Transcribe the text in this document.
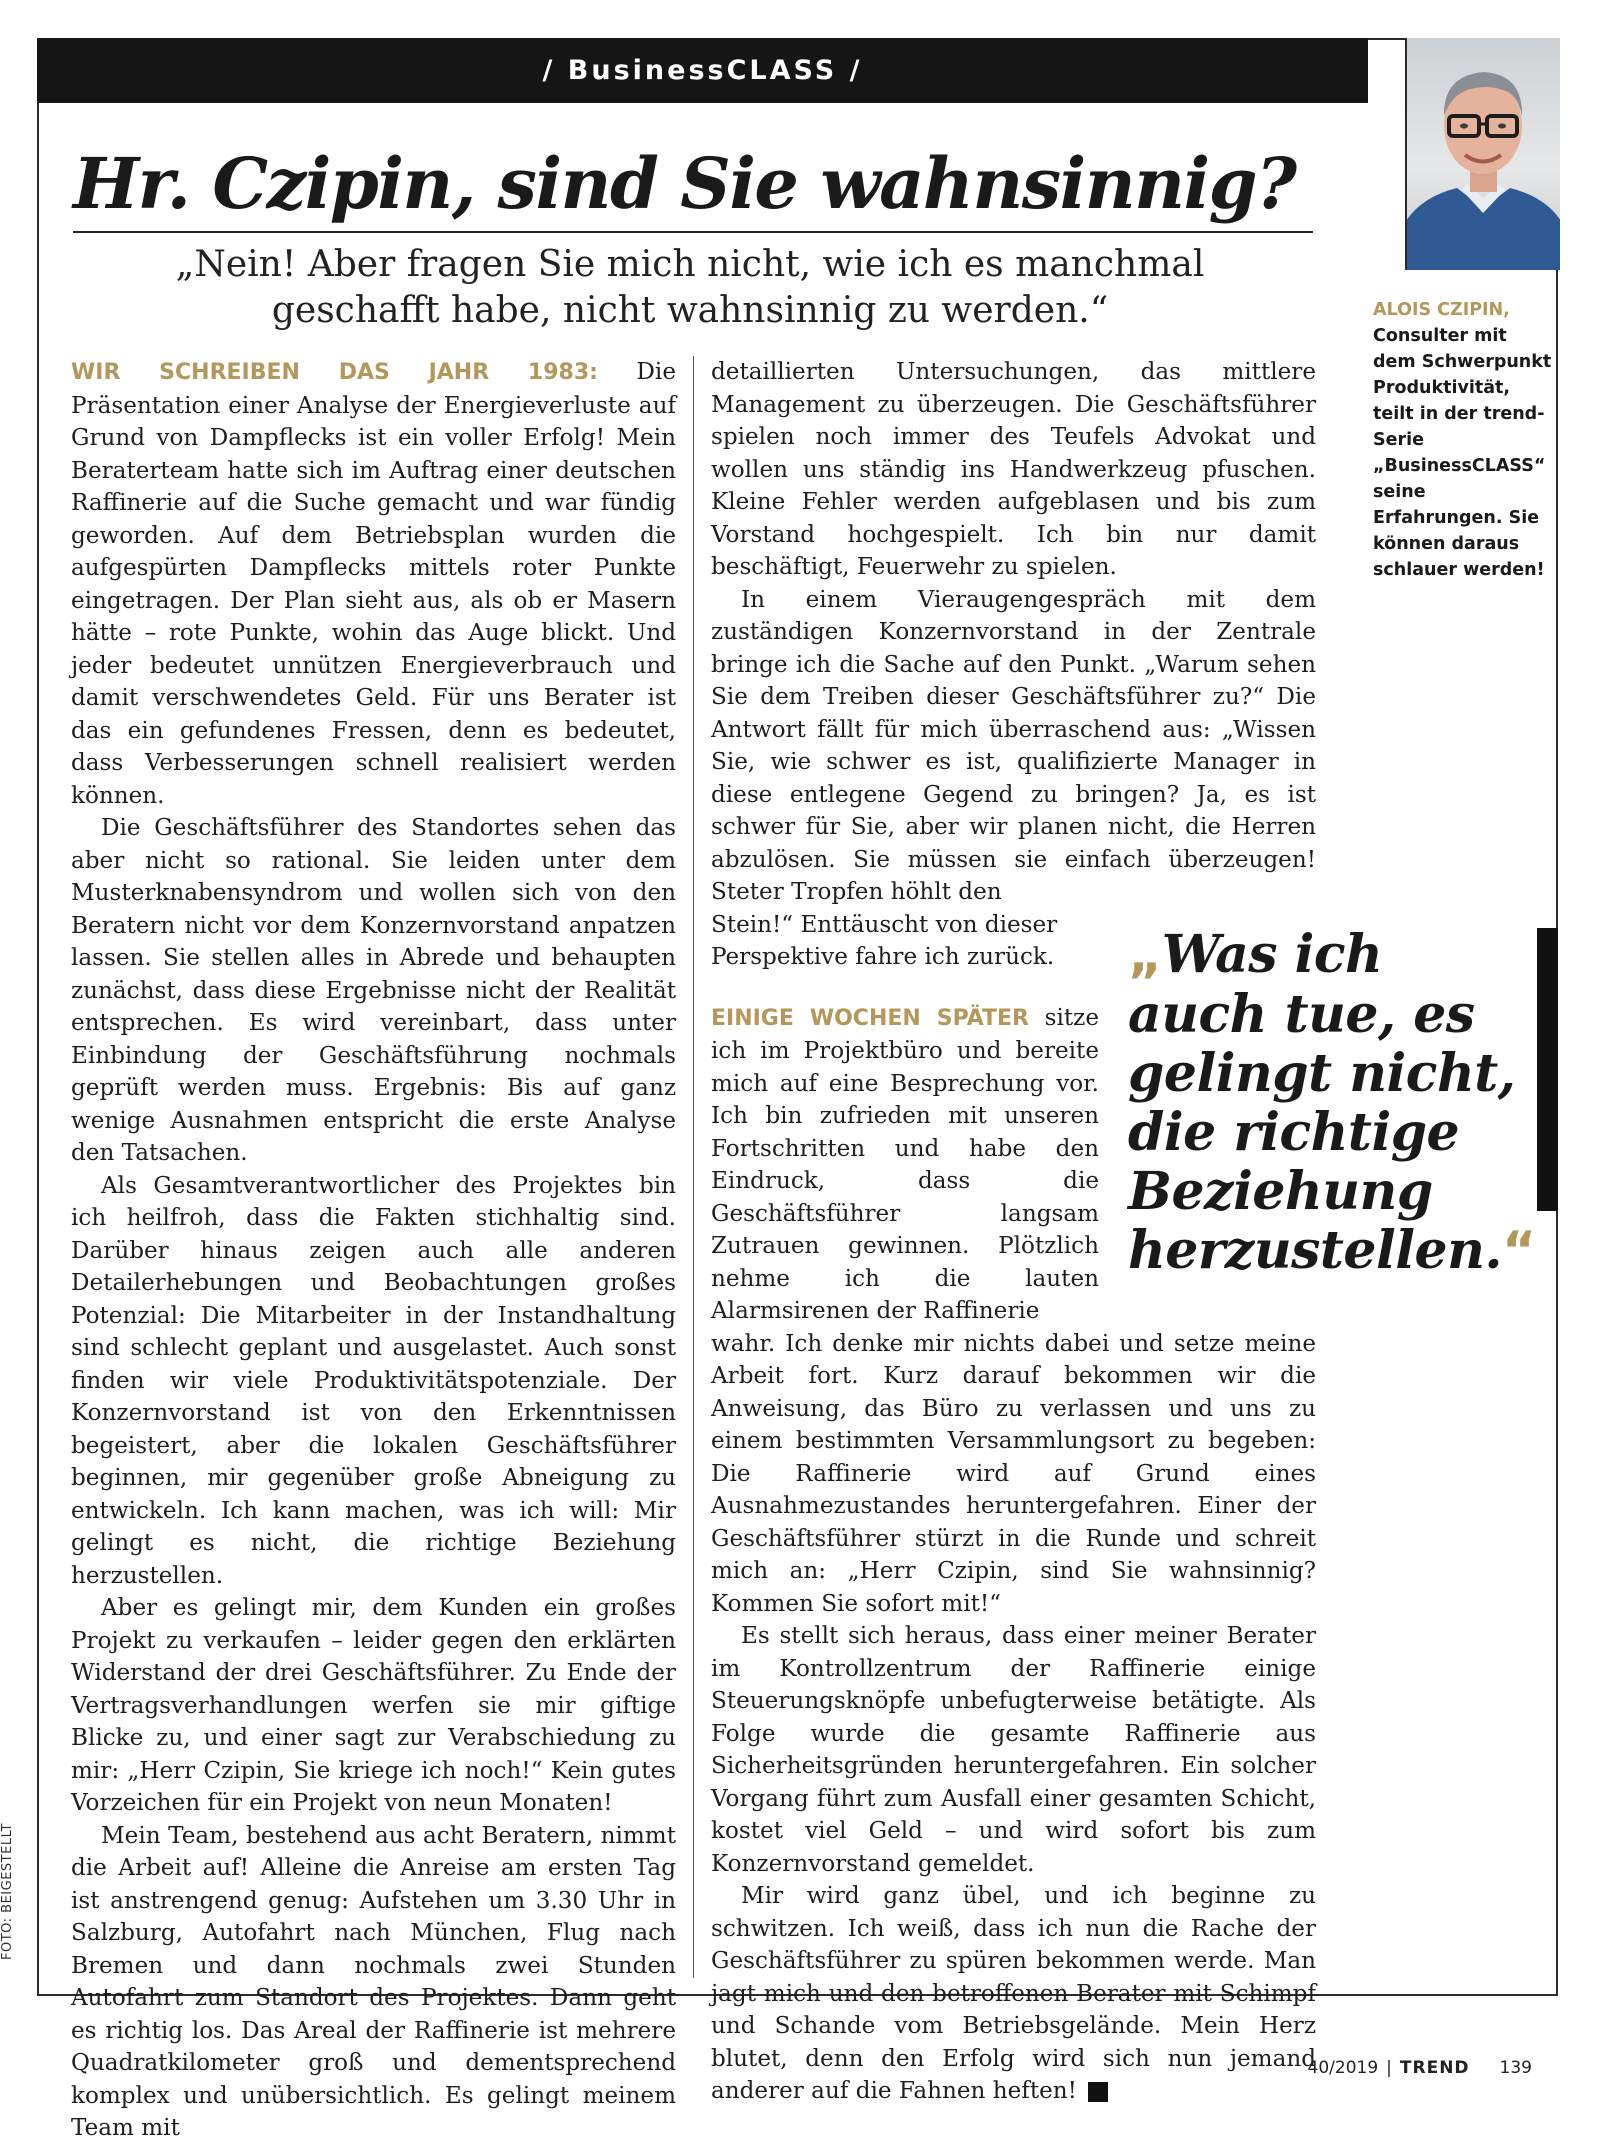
/ BusinessCLASS /
Hr. Czipin, sind Sie wahnsinnig?

„Nein! Aber fragen Sie mich nicht, wie ich es manchmal geschafft habe, nicht wahnsinnig zu werden.“	ALOIS CZIPIN,
Consulter mit dem Schwerpunkt Produktivität, teilt in der trend-Serie „BusinessCLASS“ seine Erfahrungen. Sie können daraus schlauer werden!

WIR SCHREIBEN DAS JAHR 1983: Die Präsentation einer Analyse der Energieverluste auf Grund von Dampflecks ist ein voller Erfolg! Mein Beraterteam hatte sich im Auftrag einer deutschen Raffinerie auf die Suche gemacht und war fündig geworden. Auf dem Betriebsplan wurden die aufgespürten Dampflecks mittels roter Punkte eingetragen. Der Plan sieht aus, als ob er Masern hätte – rote Punkte, wohin das Auge blickt. Und jeder bedeutet unnützen Energieverbrauch und damit verschwendetes Geld. Für uns Berater ist das ein gefundenes Fressen, denn es bedeutet, dass Verbesserungen schnell realisiert werden können.

Die Geschäftsführer des Standortes sehen das aber nicht so rational. Sie leiden unter dem Musterknabensyndrom und wollen sich von den Beratern nicht vor dem Konzernvorstand anpatzen lassen. Sie stellen alles in Abrede und behaupten zunächst, dass diese Ergebnisse nicht der Realität entsprechen. Es wird vereinbart, dass unter Einbindung der Geschäftsführung nochmals geprüft werden muss. Ergebnis: Bis auf ganz wenige Ausnahmen entspricht die erste Analyse den Tatsachen.

Als Gesamtverantwortlicher des Projektes bin ich heilfroh, dass die Fakten stichhaltig sind. Darüber hinaus zeigen auch alle anderen Detailerhebungen und Beobachtungen großes Potenzial: Die Mitarbeiter in der Instandhaltung sind schlecht geplant und ausgelastet. Auch sonst finden wir viele Produktivitätspotenziale. Der Konzernvorstand ist von den Erkenntnissen begeistert, aber die lokalen Geschäftsführer beginnen, mir gegenüber große Abneigung zu entwickeln. Ich kann machen, was ich will: Mir gelingt es nicht, die richtige Beziehung herzustellen.

Aber es gelingt mir, dem Kunden ein großes Projekt zu verkaufen – leider gegen den erklärten Widerstand der drei Geschäftsführer. Zu Ende der Vertragsverhandlungen werfen sie mir giftige Blicke zu, und einer sagt zur Verabschiedung zu mir: „Herr Czipin, Sie kriege ich noch!“ Kein gutes Vorzeichen für ein Projekt von neun Monaten!

Mein Team, bestehend aus acht Beratern, nimmt die Arbeit auf! Alleine die Anreise am ersten Tag ist anstrengend genug: Aufstehen um 3.30 Uhr in Salzburg, Autofahrt nach München, Flug nach Bremen und dann nochmals zwei Stunden Autofahrt zum Standort des Projektes. Dann geht es richtig los. Das Areal der Raffinerie ist mehrere Quadratkilometer groß und dementsprechend komplex und unübersichtlich. Es gelingt meinem Team mit

detaillierten Untersuchungen, das mittlere Management zu überzeugen. Die Geschäftsführer spielen noch immer des Teufels Advokat und wollen uns ständig ins Handwerkzeug pfuschen. Kleine Fehler werden aufgeblasen und bis zum Vorstand hochgespielt. Ich bin nur damit beschäftigt, Feuerwehr zu spielen.

In einem Vieraugengespräch mit dem zuständigen Konzernvorstand in der Zentrale bringe ich die Sache auf den Punkt. „Warum sehen Sie dem Treiben dieser Geschäftsführer zu?“ Die Antwort fällt für mich überraschend aus: „Wissen Sie, wie schwer es ist, qualifizierte Manager in diese entlegene Gegend zu bringen? Ja, es ist schwer für Sie, aber wir planen nicht, die Herren abzulösen. Sie müssen sie einfach überzeugen! Steter Tropfen höhlt den

Stein!“ Enttäuscht von dieser Perspektive fahre ich zurück.

EINIGE WOCHEN SPÄTER sitze ich im Projektbüro und bereite mich auf eine Besprechung vor. Ich bin zufrieden mit unseren Fortschritten und habe den Eindruck, dass die Geschäftsführer langsam Zutrauen gewinnen. Plötzlich nehme ich die lauten Alarmsirenen der Raffinerie

wahr. Ich denke mir nichts dabei und setze meine Arbeit fort. Kurz darauf bekommen wir die Anweisung, das Büro zu verlassen und uns zu einem bestimmten Versammlungsort zu begeben: Die Raffinerie wird auf Grund eines Ausnahmezustandes heruntergefahren. Einer der Geschäftsführer stürzt in die Runde und schreit mich an: „Herr Czipin, sind Sie wahnsinnig? Kommen Sie sofort mit!“

Es stellt sich heraus, dass einer meiner Berater im Kontrollzentrum der Raffinerie einige Steuerungsknöpfe unbefugterweise betätigte. Als Folge wurde die gesamte Raffinerie aus Sicherheitsgründen heruntergefahren. Ein solcher Vorgang führt zum Ausfall einer gesamten Schicht, kostet viel Geld – und wird sofort bis zum Konzernvorstand gemeldet.

Mir wird ganz übel, und ich beginne zu schwitzen. Ich weiß, dass ich nun die Rache der Geschäftsführer zu spüren bekommen werde. Man jagt mich und den betroffenen Berater mit Schimpf und Schande vom Betriebsgelände. Mein Herz blutet, denn den Erfolg wird sich nun jemand anderer auf die Fahnen heften!	T

„Was ich auch tue, es gelingt nicht, die richtige Beziehung herzustellen.“

FOTO: BEIGESTELLT
40/2019 | TREND 139
